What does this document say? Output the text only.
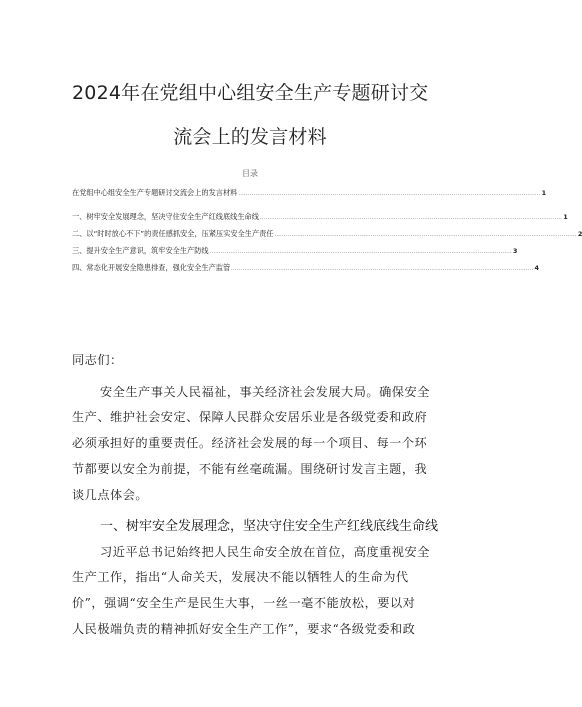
2024年在党组中心组安全生产专题研讨交
流会上的发言材料
目录
在党组中心组安全生产专题研讨交流会上的发言材料 ................................................................................................................................................................ 1
一、树牢安全发展理念，坚决守住安全生产红线底线生命线 ................................................................................................................................................................ 1
二、以“时时放心不下”的责任感抓安全，压紧压实安全生产责任 ................................................................................................................................................................ 2
三、提升安全生产意识，筑牢安全生产防线 ................................................................................................................................................................ 3
四、常态化开展安全隐患排查，强化安全生产监管 ................................................................................................................................................................ 4
同志们：
安全生产事关人民福祉，事关经济社会发展大局。确保安全
生产、维护社会安定、保障人民群众安居乐业是各级党委和政府
必须承担好的重要责任。经济社会发展的每一个项目、每一个环
节都要以安全为前提，不能有丝毫疏漏。围绕研讨发言主题，我
谈几点体会。
习近平总书记始终把人民生命安全放在首位，高度重视安全
生产工作，指出“人命关天，发展决不能以牺牲人的生命为代
价”，强调“安全生产是民生大事，一丝一毫不能放松，要以对
人民极端负责的精神抓好安全生产工作”，要求“各级党委和政
一、树牢安全发展理念，坚决守住安全生产红线底线生命线
